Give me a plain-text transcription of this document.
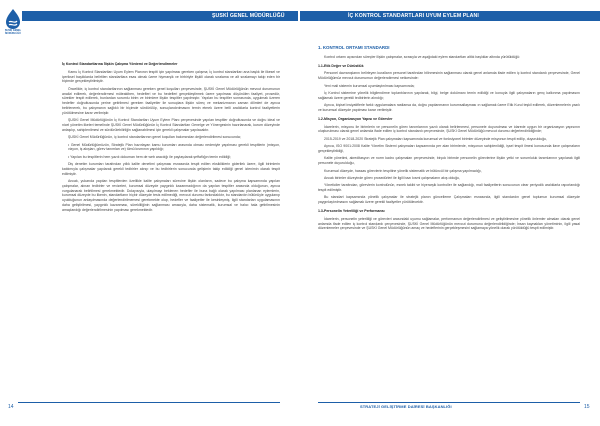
ŞUSKİ GENEL MÜDÜRLÜĞÜ
ŞUSKİ GENEL MÜDÜRLÜĞÜ	İÇ KONTROL STANDARTLARI UYUM EYLEM PLANI

İç Kontrol Standartlarına İlişkin Çalışma Yöntemi ve Değerlendirmeler

Kamu İç Kontrol Standartları Uyum Eylem Planının tespiti için yapılması gereken çalışma; İç kontrol standartları ana başlık ile ilkesel ve içeriksel başlıklarda belirtilen standartlara esas olmak üzere hiyerarşik ve birbiriyle ilişkili olarak sıralama ve alt sıralamayı takip eden bir biçimde gerçekleştirilmiştir.

Öncelikle, iç kontrol standartlarının sağlanması gereken genel koşulları çerçevesinde, ŞUSKİ Genel Müdürlüğünün mevcut durumunun analizi edilerek, değerlendirmesi müteakiben, hedefleri ve bu hedefleri gerçekleştirmek üzere yapılması düşünülen faaliyet, prosedür, sürekler tespit edilerek, bunlardan sorumlu birim ve birimlere ilişkin tespitler yapılmıştır. Yapılan bu tespitler sonrasında, uygulmak üzeren hedefler doğrultusunda yerine getirilmesi gereken faaliyetler ile sonuçlara ilişkin süreç ve mekanizmanın zaman dilimleri de ayrıca belirlenerek, bu çalışmanın sağlıklı bir biçimde sürdürülüp, sonuçlandırılmasını temin etmek üzere belli aralıklarla kontrol faaliyetlerin yürütülmesine karar verilmiştir.

ŞUSKİ Genel Müdürlüğünün İç Kontrol Standartları Uyum Eylem Planı çerçevesinde yapılan tespitler doğrultusunda ve doğru ideal ve nicel yönetim ilkeleri temelinde ŞUSKİ Genel Müdürlüğünün İç Kontrol Standartları Genelge ve Yönergesinin hazırlanarak, kurum düzeyinde anlaşılıp, sahiplenilmesi ve sürdürülebilirliğin sağlanabilmesi için gerekli çalışmalar yapılacaktır.

ŞUSKİ Genel Müdürlüğünün, iç kontrol standartlarının genel koşulları bakımından değerlendirilmesi sonucunda;

• Genel Müdürlüğümüzün, Stratejik Plan hazırlayan kamu kurumları arasında olması nedeniyle yapılması gerekli tespitlerin (misyon, vizyon, iş akışları, görev tanımları ve) tümü kısmının yapıldığı;

• Yapılan bu tespitlerin hem yazılı dokuman hem de web aracılığı ile paylaşılarak şeffaflığın temin edildiği;

Diş denetim kurumları tarafından yıllık kalite denetimi çalışması esnasında tespit edilen eksikliklerin giderilek üzere, ilgili birimlerin katılımıyla çalışmalar yapılarak gerekli tedbirler alınıp ve bu tedbirlerin sonucunda gelişimin takip edildiği genel izlenimin olarak tespit edilmiştir.

Ancak, yukarıda yapılan tespitlerden özellikle kalite çalışmaları sürecine ilişkin olanların, sadece bu çalışma kapsamında yapılan çalışmalar, alınan tedbirler ve revizeleri, kurumsal düzeyde yaygınlık kazanmadığının da yapılan tespitler arasında olduğunun, ayrıca vurgulanarak belirtilmesi gerekmektedir. Dolayısıyla, ulaşılmayı beklenen hedefler ile buna bağlı olarak yapılması planlanan eylemlerin, kurumsal düzeyde bu ilkenin, standartların hiçbir düzeyde tesis edilmediği, mevcut durumu farkındalıktır, bu standardın bütünüyle uygulanıp uyulduğunun anlaşılmasında değerlendirilmemesi gerekmekte olup, hedefler ve faaliyetler ile kesinleşmiş, ilgili standarları uygulamasının daha geliştirilmesi, yaygınlık kazanması, sürekliliğinin sağlanması amacıyla, daha sistematik, kurumsal ve halıcı hala getirilmesinin amaçlandığı değerlendirilmesinin yapılması gerekmektedir.

1. KONTROL ORTAMI STANDARDI

Kontrol ortamı açısından süreçler ilişkin çalışmalar, sırasıyla ve aşağıdaki eylem standartları altlık başlıklar altında yürütüldüğü:

1.1-Etik Değer ve Dürüstlük

Personel davranışlarını belirleyen kuralların personel tarafından bilinmesinin sağlanması olarak genel anlamda ifade edilen iç kontrol standardı çerçevesinde, Genel Müdürlüğümüz mevcut durumumun değerlendirmesi neticesinde:

Yeni mali sistemin kurumsal uyumlaştırılması kapsamında;

İç Kontrol sistemine yönelik bilgilendirme toplantılarının yapılarak, bilgi, belge dokümanı temin edildiği ve konuyla ilgili çalışmaların genç kalkınma yapılmasını sağlamak üzere gerekli tedbirlerin alındığı;

Ayrıca, kişisel insiyatiflerle farklı uygulamalara rastlansa da, doğru yapılanmanın kurumsallaşması ın sağlamak üzere Etik Kurul teşkil edilerek, düzenlemelerin yazılı ve kurumsal düzeyde yapılması karar verilmiştir.

1.2-Misyon, Organizasyon Yapısı ve Görevler

İdarelerin, misyonu ile birimlerin ve personelin görev tanımlarının yazılı olarak belirlenmesi, personele duyurulması ve idarede uygun bir organizasyon yapısının oluşturulması olarak genel anlamda ifade edilen iç kontrol standardı çerçevesinde, ŞUSKİ Genel Müdürlüğü mevcut durumu değerlendirildiğinde;

2015-2019 ve 2018-2020 Stratejik Plan çalışmaları kapsamında kurumsal ve fonksiyonel birimler düzeyinde misyonun tespit edilip, duyurulduğu,

Ayrıca, ISO 9001:2008 Kalite Yönetim Sistemi çalışmaları kapsamında per alan birimlerde, misyonun sahiplenildiği, işsel tespit ilmesi konusunda ilave çalışmaların gerçekleştirildiği,

Kalite yönetimi, akreditasyon ve norm kadro çalışmaları çerçevesinde, birçok birimde personelin görevlerine ilişkin yetki ve sorumluluk tanımlarının yapılarak ilgili personele duyurulduğu,

Kurumsal düzeyde, hassas görevlerin tespitine yönelik sistematik ve bütüncül bir çalışma yapılmadığı,

Ancak birimler düzeyinde görev prosedürleri ile ilgili bazı kısmi çalışmaların akış olduğu,

Yöneticiler tarafından, görevlerin kontrolünün, esnek takibi ve hiyerarşik kontroller ile sağlandığı, mali faaliyetlerin sonucunun clear periyodik aralıklarla raporlandığı tespit edilmiştir.

Bu standart kapsamında yönelik çalışmalar ile stratejik planın güncelleme Çalışmaları esnasında, ilgili standardın genel toplumun kurumsal düzeyde yaygınlaştırılmasını sağlamak üzere gerekli faaliyetler yürütülecektir.

1.3-Personelin Yeterliliği ve Performansı

İdarelerin, personelin yeterliliği ve görevleri arasındaki uyumu sağlamalar, performansın değerlendirilmesi ve geliştirilmesine yönelik önlemler almaları olarak genel anlamda ifade edilen iç kontrol standardı çerçevesinde, ŞUSKİ Genel Müdürlüğünün mevcut durumunu değerlendirildiğinde; İnsan kaynakları yönetiminin, ilgili yasal düzenlemeler çerçevesinde ve ŞUSKİ Genel Müdürlüğünün amaç ve hedeflerinin gerçekleşmesini sağlamaya yönelik olarak yürütüldüğü tespit edilmiştir.

14	STRATEJİ GELİŞTİRME DAİRESİ BAŞKANLIĞI	15
